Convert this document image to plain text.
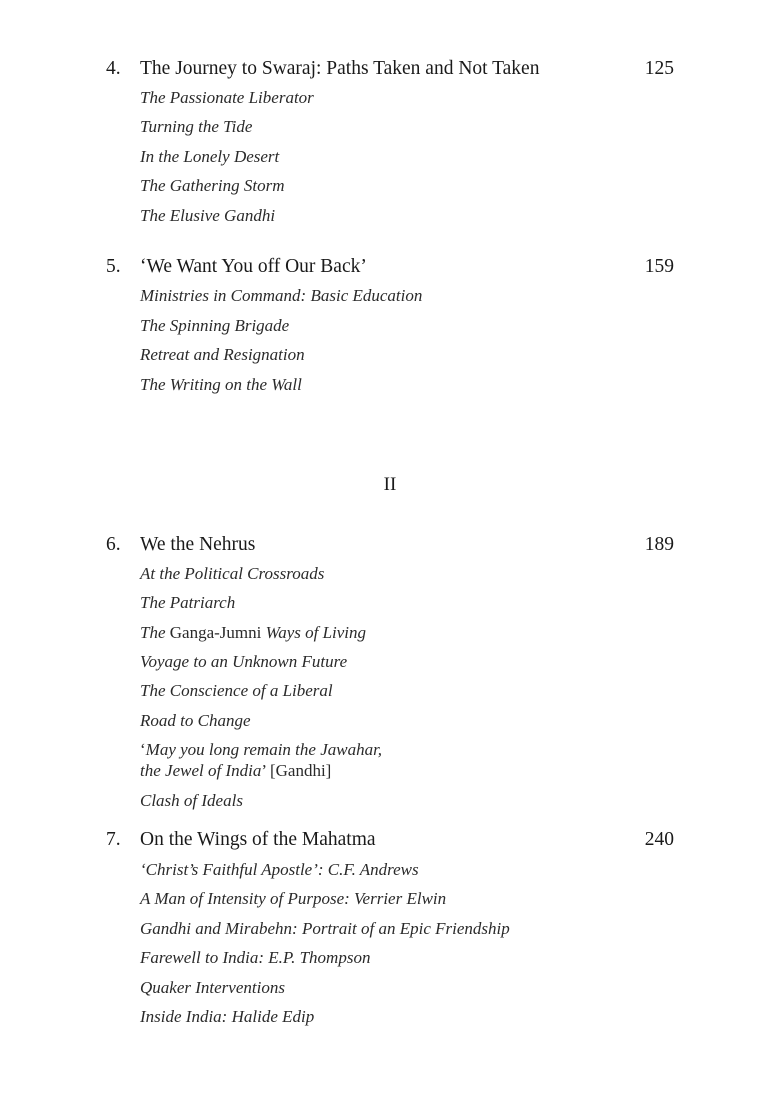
4. The Journey to Swaraj: Paths Taken and Not Taken	125
The Passionate Liberator
Turning the Tide
In the Lonely Desert
The Gathering Storm
The Elusive Gandhi
5. ‘We Want You off Our Back’	159
Ministries in Command: Basic Education
The Spinning Brigade
Retreat and Resignation
The Writing on the Wall
II
6. We the Nehrus	189
At the Political Crossroads
The Patriarch
The Ganga-Jumni Ways of Living
Voyage to an Unknown Future
The Conscience of a Liberal
Road to Change
‘May you long remain the Jawahar,
the Jewel of India’ [Gandhi]
Clash of Ideals
7. On the Wings of the Mahatma	240
‘Christ’s Faithful Apostle’: C.F. Andrews
A Man of Intensity of Purpose: Verrier Elwin
Gandhi and Mirabehn: Portrait of an Epic Friendship
Farewell to India: E.P. Thompson
Quaker Interventions
Inside India: Halide Edip
